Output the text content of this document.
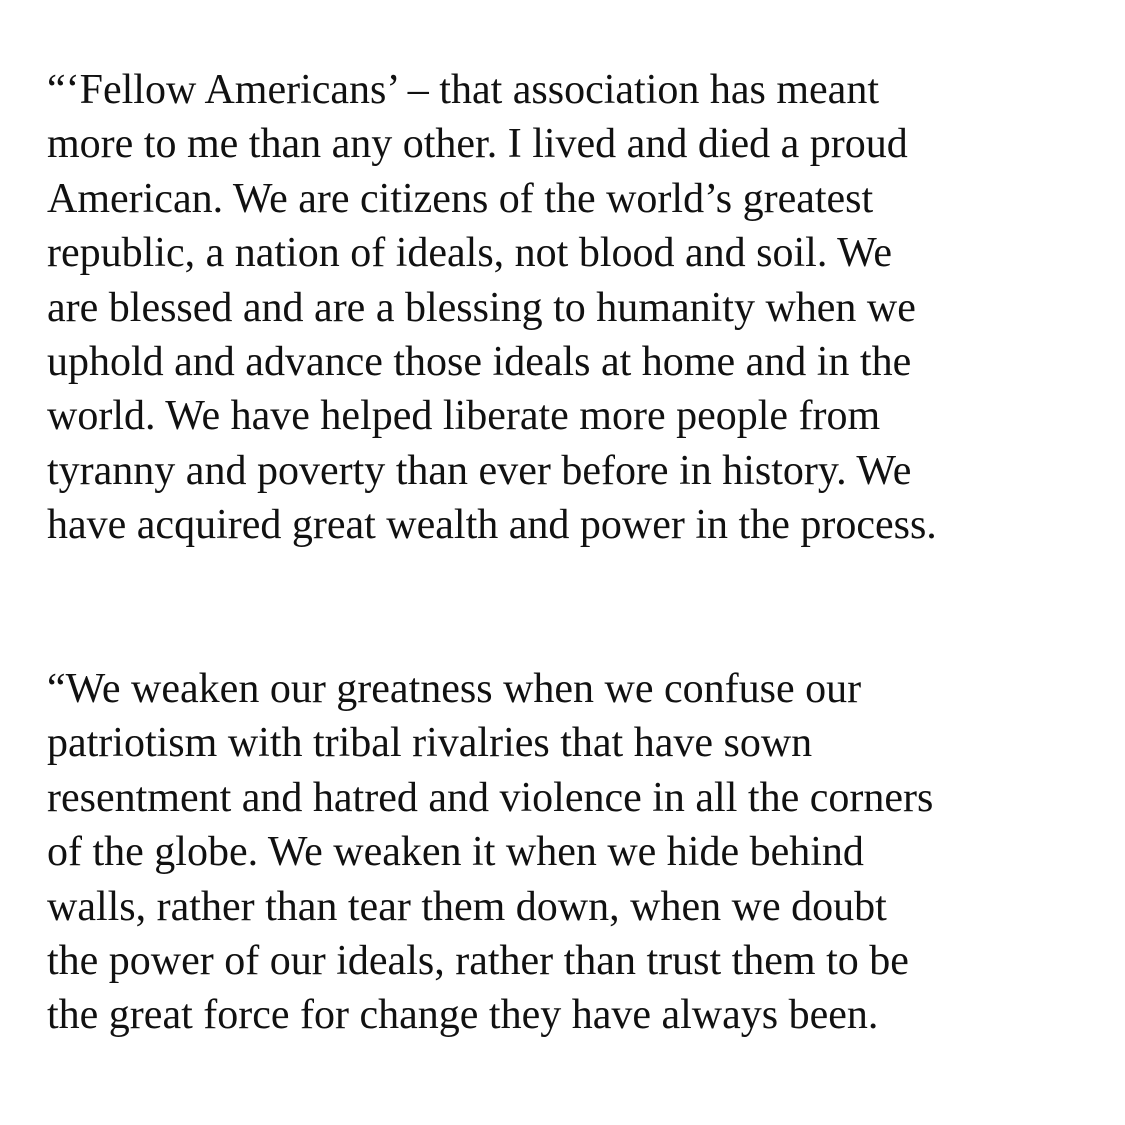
“‘Fellow Americans’ – that association has meant
more to me than any other. I lived and died a proud
American. We are citizens of the world’s greatest
republic, a nation of ideals, not blood and soil. We
are blessed and are a blessing to humanity when we
uphold and advance those ideals at home and in the
world. We have helped liberate more people from
tyranny and poverty than ever before in history. We
have acquired great wealth and power in the process.

“We weaken our greatness when we confuse our
patriotism with tribal rivalries that have sown
resentment and hatred and violence in all the corners
of the globe. We weaken it when we hide behind
walls, rather than tear them down, when we doubt
the power of our ideals, rather than trust them to be
the great force for change they have always been.
